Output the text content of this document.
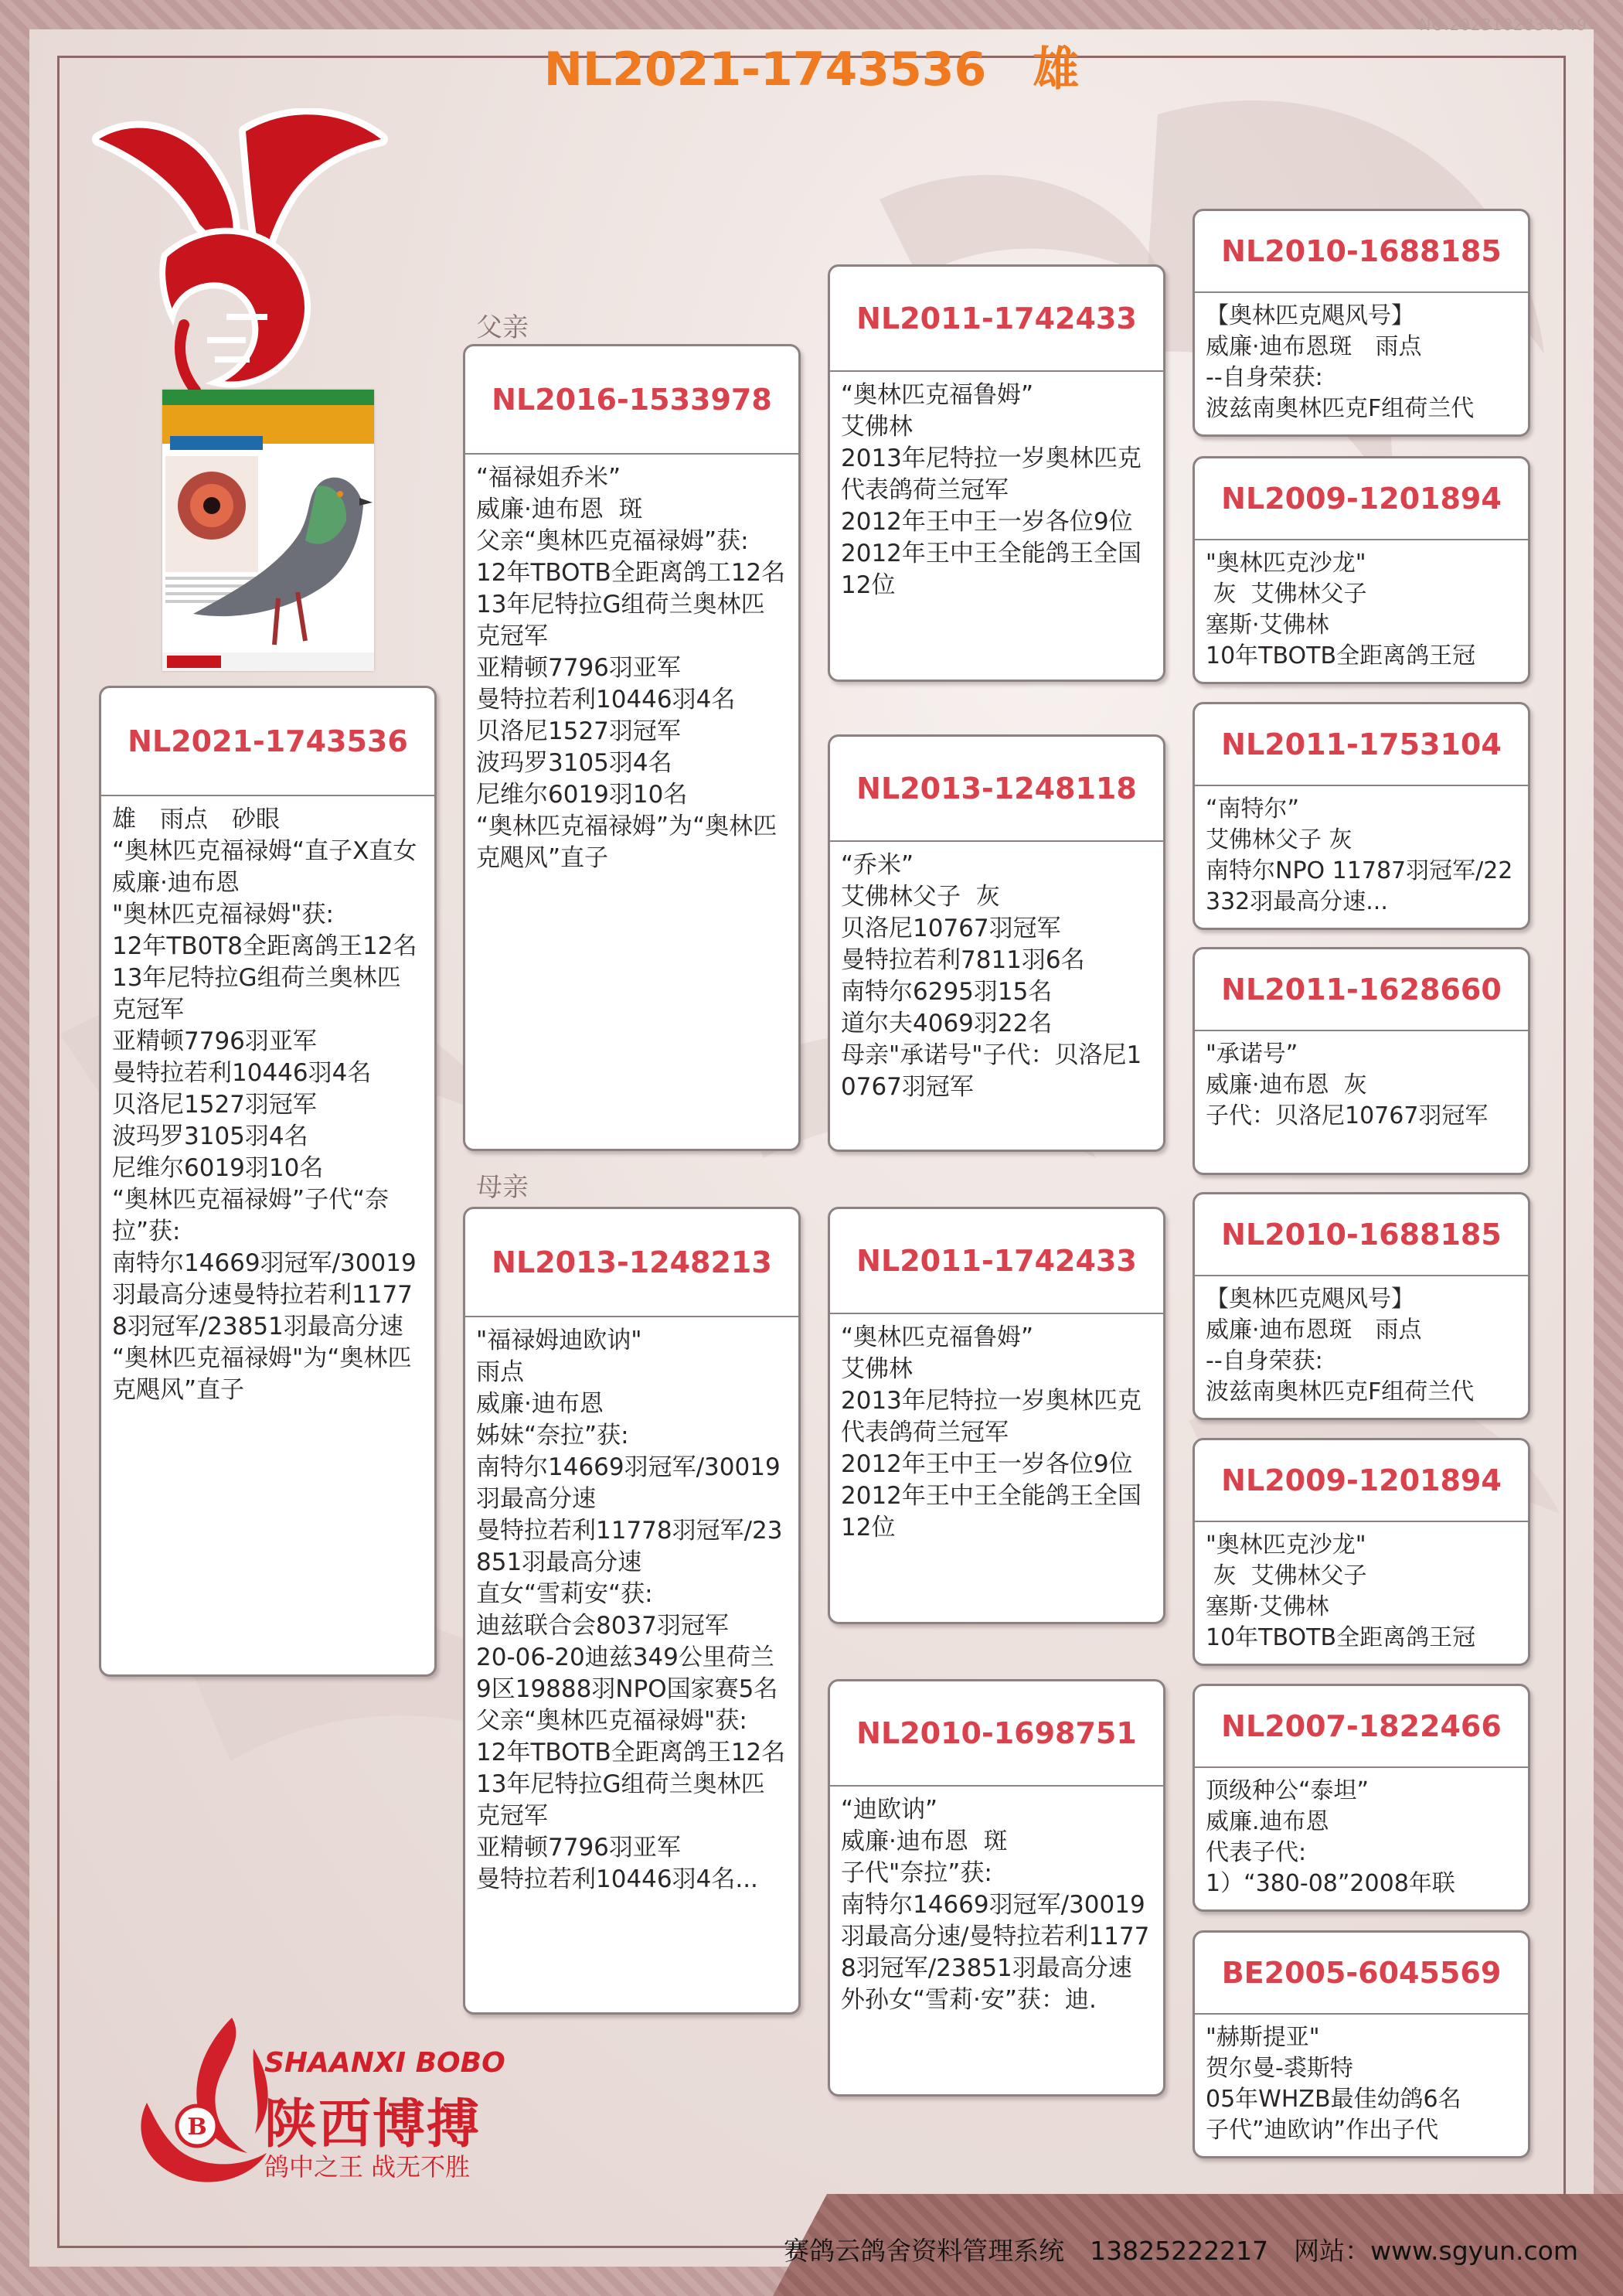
NO.2023102834349
NL2021-1743536　雄
父亲
母亲
NL2021-1743536
雄　雨点　砂眼
“奥林匹克福禄姆“直子X直女
威廉·迪布恩
"奥林匹克福禄姆"获:
12年TB0T8全距离鸽王12名
13年尼特拉G组荷兰奥林匹克冠军
亚精顿7796羽亚军
曼特拉若利10446羽4名
贝洛尼1527羽冠军
波玛罗3105羽4名
尼维尔6019羽10名
“奥林匹克福禄姆”子代“奈拉”获:
南特尔14669羽冠军/30019羽最高分速曼特拉若利11778羽冠军/23851羽最高分速
“奥林匹克福禄姆"为“奥林匹克飓风”直子
NL2016-1533978
“福禄姐乔米”
威廉·迪布恩  斑
父亲“奥林匹克福禄姆”获:
12年TBOTB全距离鸽工12名
13年尼特拉G组荷兰奥林匹克冠军
亚精顿7796羽亚军
曼特拉若利10446羽4名
贝洛尼1527羽冠军
波玛罗3105羽4名
尼维尔6019羽10名
“奥林匹克福禄姆”为“奥林匹克飓风”直子
NL2013-1248213
"福禄姆迪欧讷"
雨点
威廉·迪布恩
姊妹“奈拉”获:
南特尔14669羽冠军/30019羽最高分速
曼特拉若利11778羽冠军/23851羽最高分速
直女“雪莉安“获:
迪兹联合会8037羽冠军
20-06-20迪兹349公里荷兰9区19888羽NPO国家赛5名
父亲“奥林匹克福禄姆"获:
12年TBOTB全距离鸽王12名
13年尼特拉G组荷兰奥林匹克冠军
亚精顿7796羽亚军
曼特拉若利10446羽4名...
NL2011-1742433
“奥林匹克福鲁姆”
艾佛林
2013年尼特拉一岁奥林匹克代表鸽荷兰冠军
2012年王中王一岁各位9位
2012年王中王全能鸽王全国12位
NL2013-1248118
“乔米”
艾佛林父子  灰
贝洛尼10767羽冠军
曼特拉若利7811羽6名
南特尔6295羽15名
道尔夫4069羽22名
母亲"承诺号"子代：贝洛尼10767羽冠军
NL2011-1742433
“奥林匹克福鲁姆”
艾佛林
2013年尼特拉一岁奥林匹克代表鸽荷兰冠军
2012年王中王一岁各位9位
2012年王中王全能鸽王全国12位
NL2010-1698751
“迪欧讷”
威廉·迪布恩  斑
子代"奈拉”获:
南特尔14669羽冠军/30019羽最高分速/曼特拉若利11778羽冠军/23851羽最高分速
外孙女“雪莉·安”获：迪.
NL2010-1688185
【奥林匹克飓风号】
威廉·迪布恩斑　雨点
--自身荣获:
波兹南奥林匹克F组荷兰代
NL2009-1201894
"奥林匹克沙龙"
灰  艾佛林父子
塞斯·艾佛林
10年TBOTB全距离鸽王冠
NL2011-1753104
“南特尔”
艾佛林父子 灰
南特尔NPO 11787羽冠军/22332羽最高分速...
NL2011-1628660
"承诺号”
威廉·迪布恩  灰
子代：贝洛尼10767羽冠军
NL2010-1688185
【奥林匹克飓风号】
威廉·迪布恩斑　雨点
--自身荣获:
波兹南奥林匹克F组荷兰代
NL2009-1201894
"奥林匹克沙龙"
灰  艾佛林父子
塞斯·艾佛林
10年TBOTB全距离鸽王冠
NL2007-1822466
顶级种公“泰坦”
威廉.迪布恩
代表子代:
1）“380-08”2008年联
BE2005-6045569
"赫斯提亚"
贺尔曼-裘斯特
05年WHZB最佳幼鸽6名
子代”迪欧讷”作出子代
B
SHAANXI BOBO
陕西博搏
鸽中之王 战无不胜
赛鸽云鸽舍资料管理系统　13825222217　网站：www.sgyun.com
